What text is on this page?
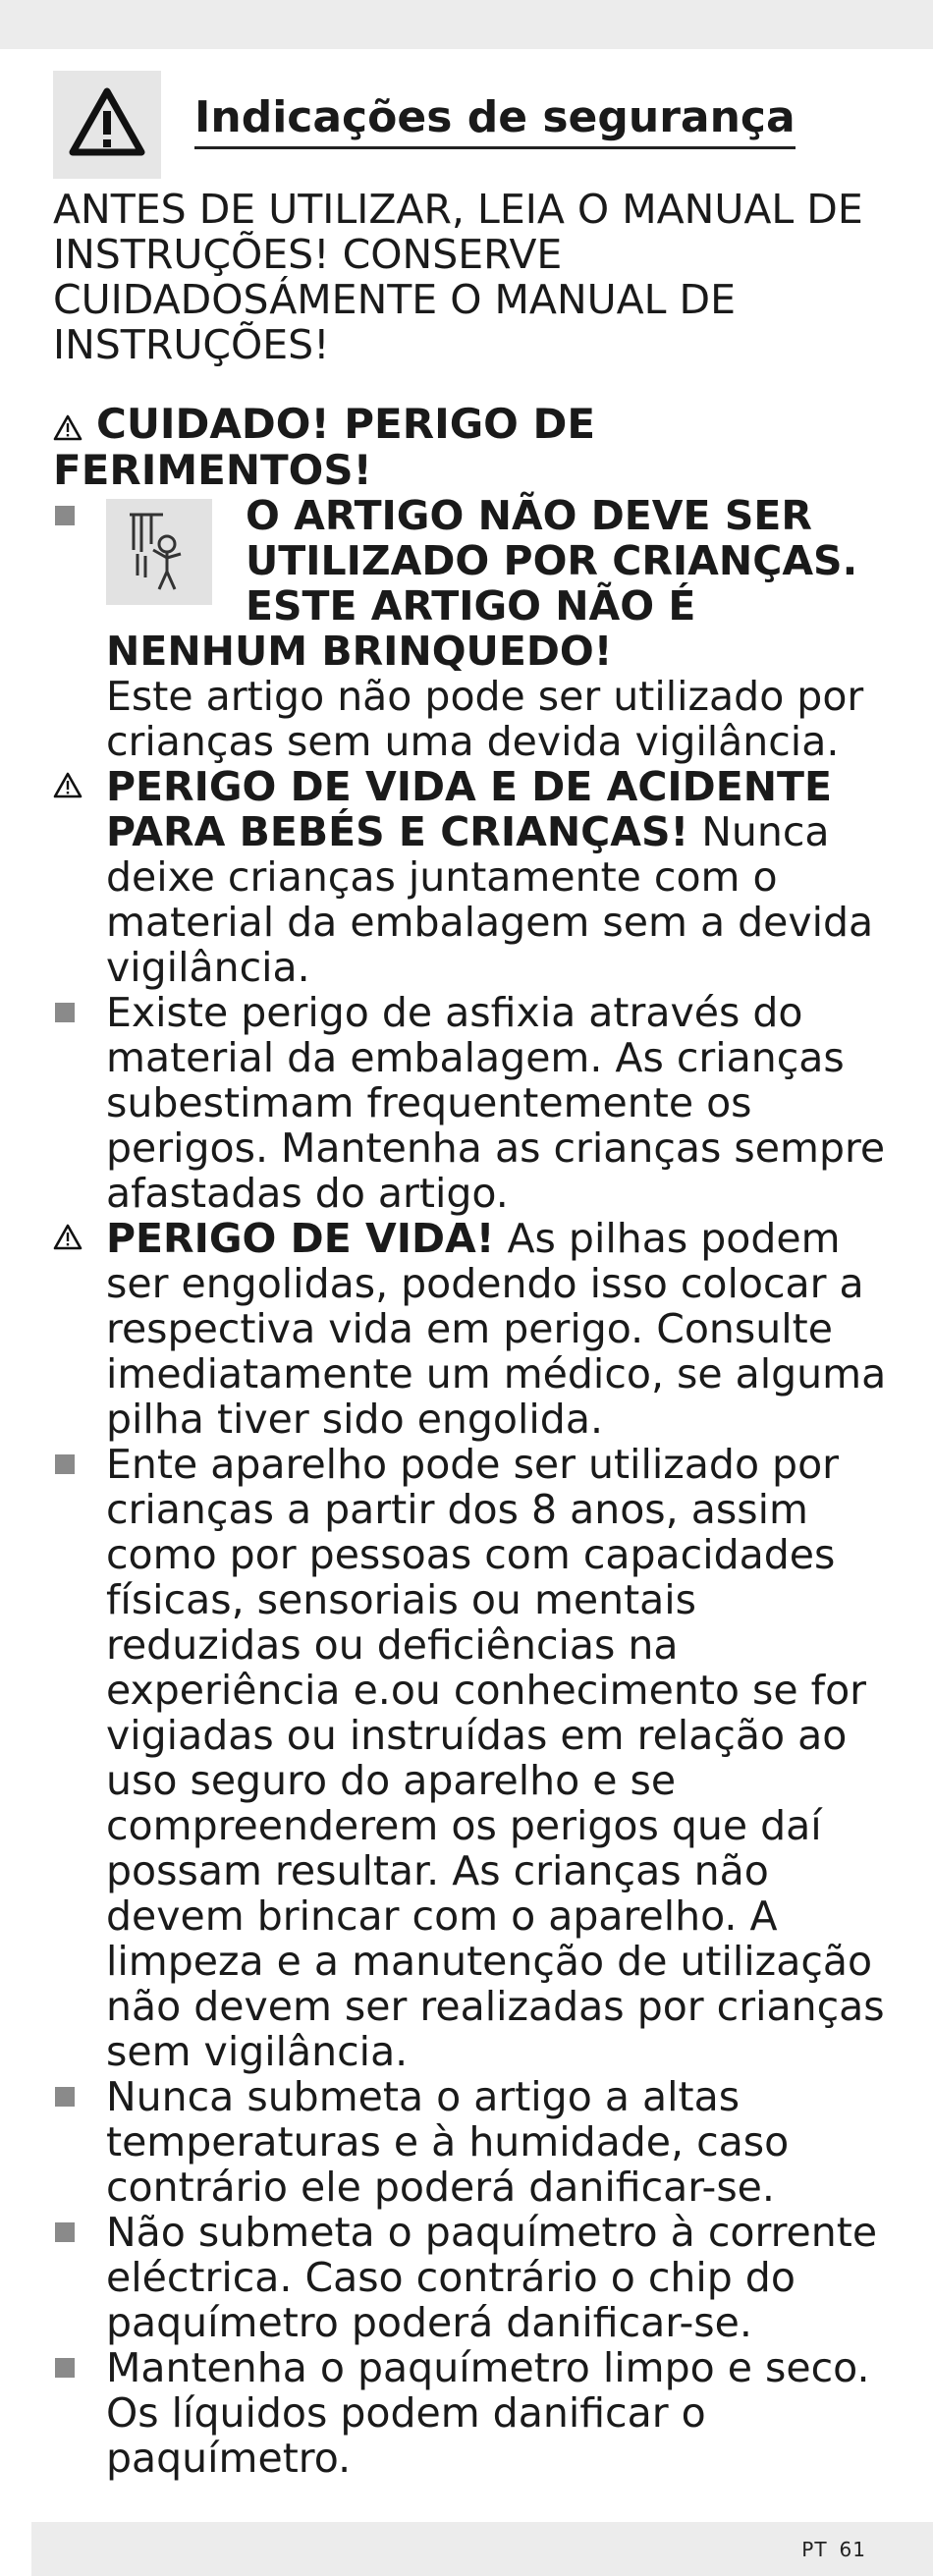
Indicações de segurança

ANTES DE UTILIZAR, LEIA O MANUAL DE INSTRUÇÕES! CONSERVE CUIDADOSÁMENTE O MANUAL DE INSTRUÇÕES!

CUIDADO! PERIGO DE FERIMENTOS!

O ARTIGO NÃO DEVE SER UTILIZADO POR CRIANÇAS. ESTE ARTIGO NÃO É NENHUM BRINQUEDO!

Este artigo não pode ser utilizado por crianças sem uma devida vigilância.

PERIGO DE VIDA E DE ACIDENTE PARA BEBÉS E CRIANÇAS! Nunca deixe crianças juntamente com o material da embalagem sem a devida vigilância.

Existe perigo de asfixia através do material da embalagem. As crianças subestimam frequentemente os perigos. Mantenha as crianças sempre afastadas do artigo.

PERIGO DE VIDA! As pilhas podem ser engolidas, podendo isso colocar a respectiva vida em perigo. Consulte imediatamente um médico, se alguma pilha tiver sido engolida.

Ente aparelho pode ser utilizado por crianças a partir dos 8 anos, assim como por pessoas com capacidades físicas, sensoriais ou mentais reduzidas ou deficiências na experiência e.ou conhecimento se for vigiadas ou instruídas em relação ao uso seguro do aparelho e se compreenderem os perigos que daí possam resultar. As crianças não devem brincar com o aparelho. A limpeza e a manutenção de utilização não devem ser realizadas por crianças sem vigilância.

Nunca submeta o artigo a altas temperaturas e à humidade, caso contrário ele poderá danificar-se.

Não submeta o paquímetro à corrente eléctrica. Caso contrário o chip do paquímetro poderá danificar-se.

Mantenha o paquímetro limpo e seco. Os líquidos podem danificar o paquímetro.

PT 61
